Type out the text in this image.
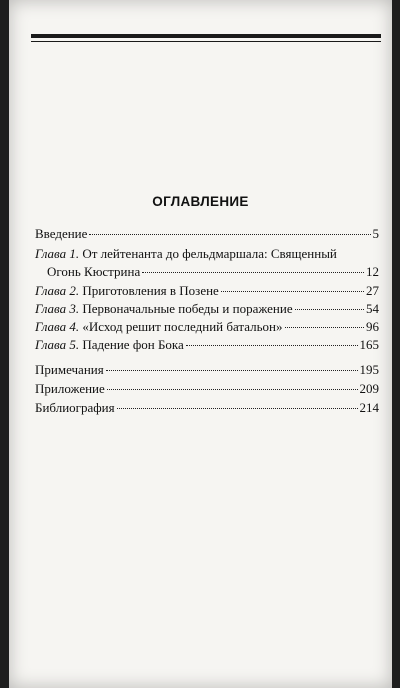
ОГЛАВЛЕНИЕ
Введение	5
Глава 1. От лейтенанта до фельдмаршала: Священный
Огонь Кюстрина	12
Глава 2. Приготовления в Позене	27
Глава 3. Первоначальные победы и поражение	54
Глава 4. «Исход решит последний батальон»	96
Глава 5. Падение фон Бока	165
Примечания	195
Приложение	209
Библиография	214
